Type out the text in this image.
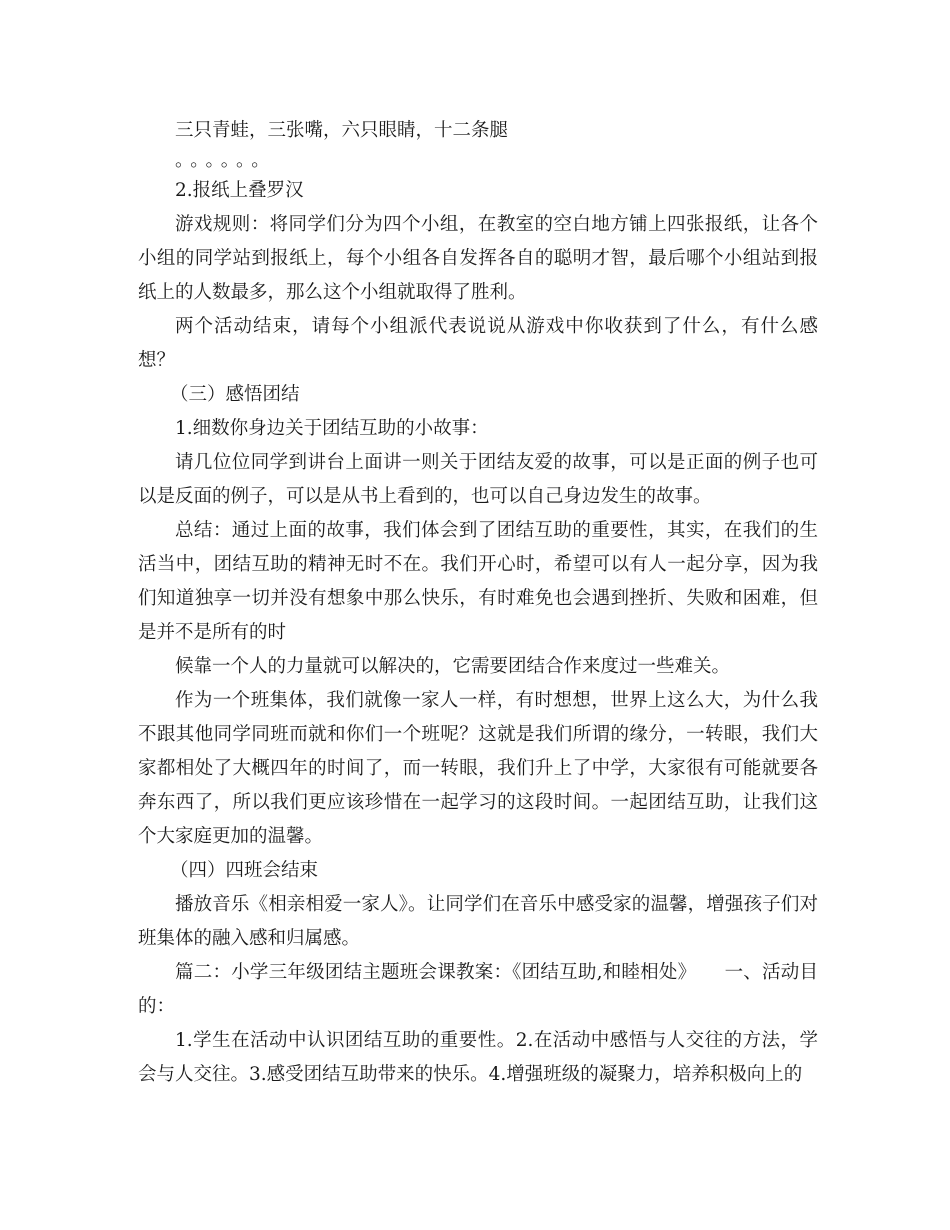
三只青蛙，三张嘴，六只眼睛，十二条腿

。。。。。。

2.报纸上叠罗汉

游戏规则：将同学们分为四个小组，在教室的空白地方铺上四张报纸，让各个小组的同学站到报纸上，每个小组各自发挥各自的聪明才智，最后哪个小组站到报纸上的人数最多，那么这个小组就取得了胜利。

两个活动结束，请每个小组派代表说说从游戏中你收获到了什么，有什么感想？

（三）感悟团结

1.细数你身边关于团结互助的小故事：

请几位位同学到讲台上面讲一则关于团结友爱的故事，可以是正面的例子也可以是反面的例子，可以是从书上看到的，也可以自己身边发生的故事。

总结：通过上面的故事，我们体会到了团结互助的重要性，其实，在我们的生活当中，团结互助的精神无时不在。我们开心时，希望可以有人一起分享，因为我们知道独享一切并没有想象中那么快乐，有时难免也会遇到挫折、失败和困难，但是并不是所有的时

候靠一个人的力量就可以解决的，它需要团结合作来度过一些难关。

作为一个班集体，我们就像一家人一样，有时想想，世界上这么大，为什么我不跟其他同学同班而就和你们一个班呢？这就是我们所谓的缘分，一转眼，我们大家都相处了大概四年的时间了，而一转眼，我们升上了中学，大家很有可能就要各奔东西了，所以我们更应该珍惜在一起学习的这段时间。一起团结互助，让我们这个大家庭更加的温馨。

（四）四班会结束

播放音乐《相亲相爱一家人》。让同学们在音乐中感受家的温馨，增强孩子们对班集体的融入感和归属感。

篇二：小学三年级团结主题班会课教案：《团结互助,和睦相处》　　一、活动目的：

1.学生在活动中认识团结互助的重要性。2.在活动中感悟与人交往的方法，学会与人交往。3.感受团结互助带来的快乐。4.增强班级的凝聚力，培养积极向上的
